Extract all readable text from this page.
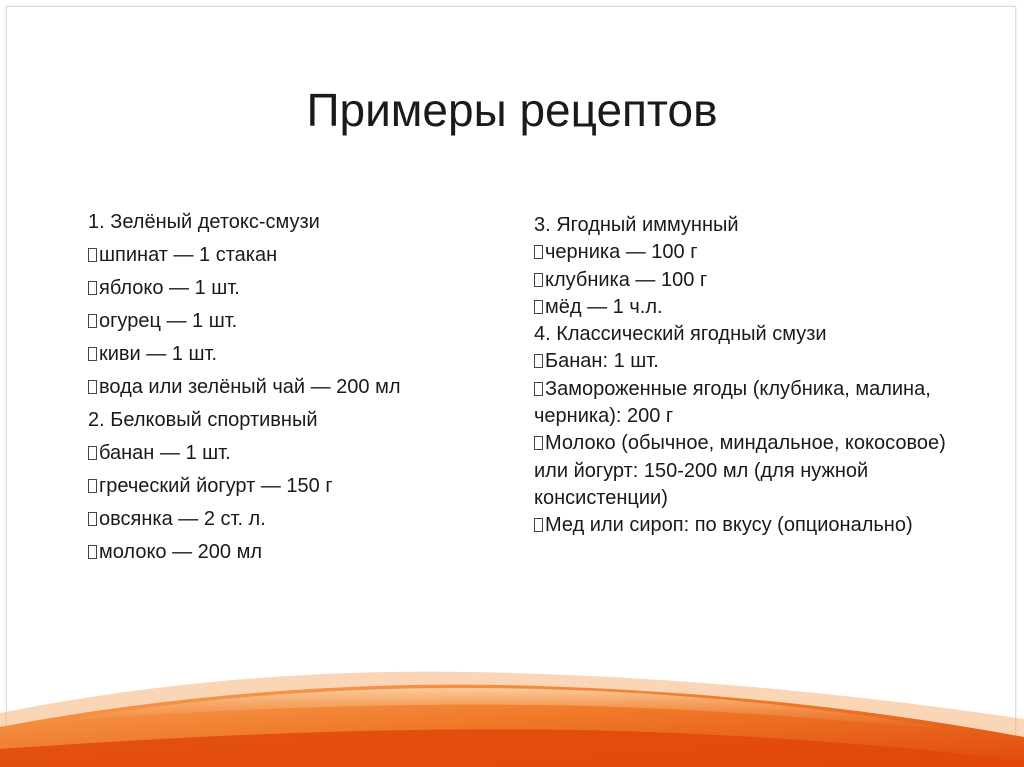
Примеры рецептов
1. Зелёный детокс-смузи
шпинат — 1 стакан
яблоко — 1 шт.
огурец — 1 шт.
киви — 1 шт.
вода или зелёный чай — 200 мл
2. Белковый спортивный
банан — 1 шт.
греческий йогурт — 150 г
овсянка — 2 ст. л.
молоко — 200 мл
3. Ягодный иммунный
черника — 100 г
клубника — 100 г
мёд — 1 ч.л.
4. Классический ягодный смузи
Банан: 1 шт.
Замороженные ягоды (клубника, малина, черника): 200 г
Молоко (обычное, миндальное, кокосовое) или йогурт: 150-200 мл (для нужной консистенции)
Мед или сироп: по вкусу (опционально)
